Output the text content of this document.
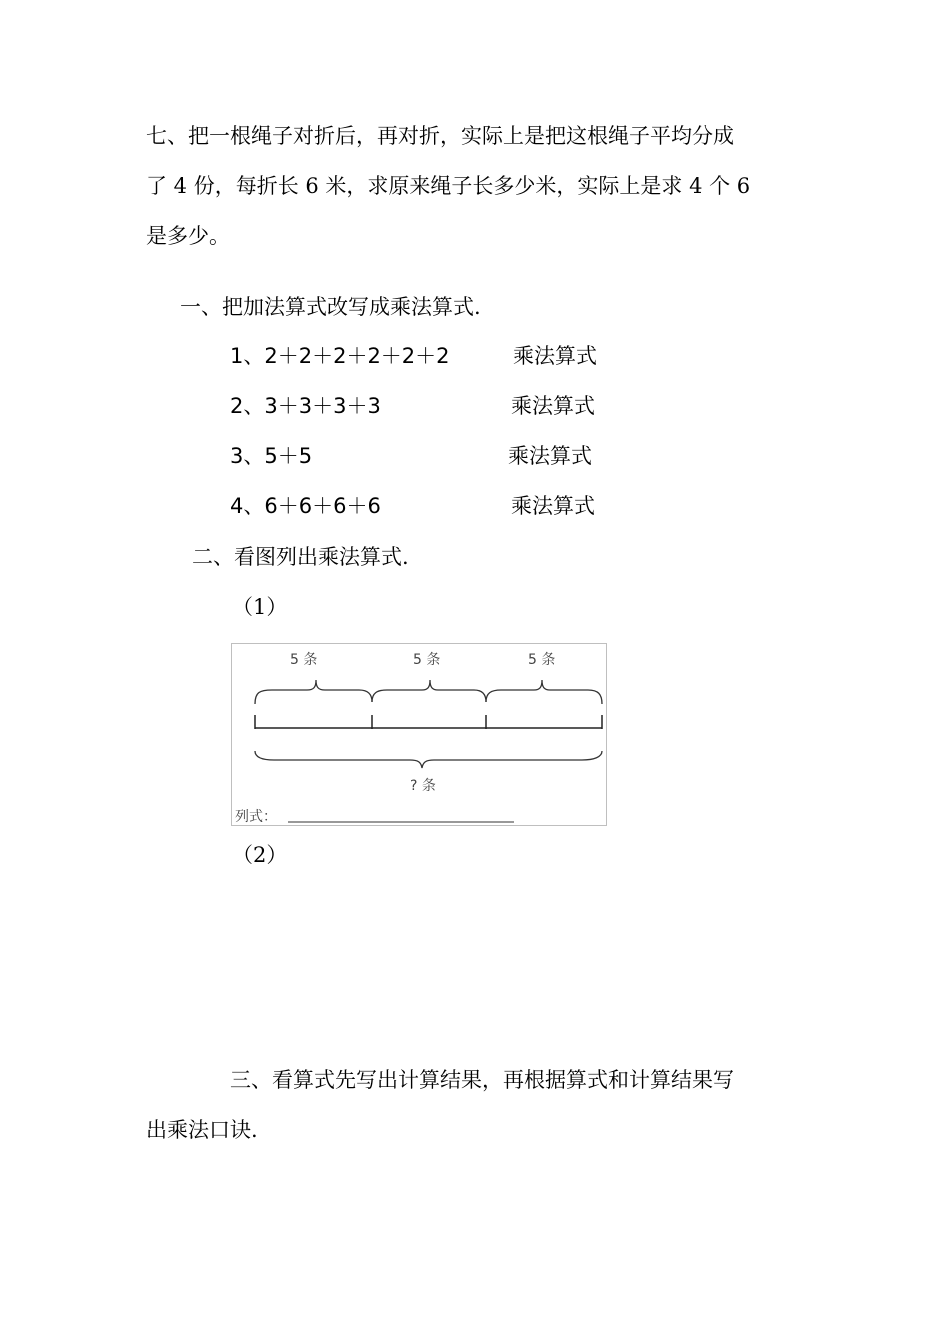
七、把一根绳子对折后，再对折，实际上是把这根绳子平均分成
了 4 份，每折长 6 米，求原来绳子长多少米，实际上是求 4 个 6
是多少。
一、把加法算式改写成乘法算式.
1、2＋2＋2＋2＋2＋2	乘法算式
2、3＋3＋3＋3	乘法算式
3、5＋5	乘法算式
4、6＋6＋6＋6	乘法算式
二、看图列出乘法算式.
（1）
5 条	5 条	5 条
? 条
列式：
（2）
三、看算式先写出计算结果，再根据算式和计算结果写
出乘法口诀.
